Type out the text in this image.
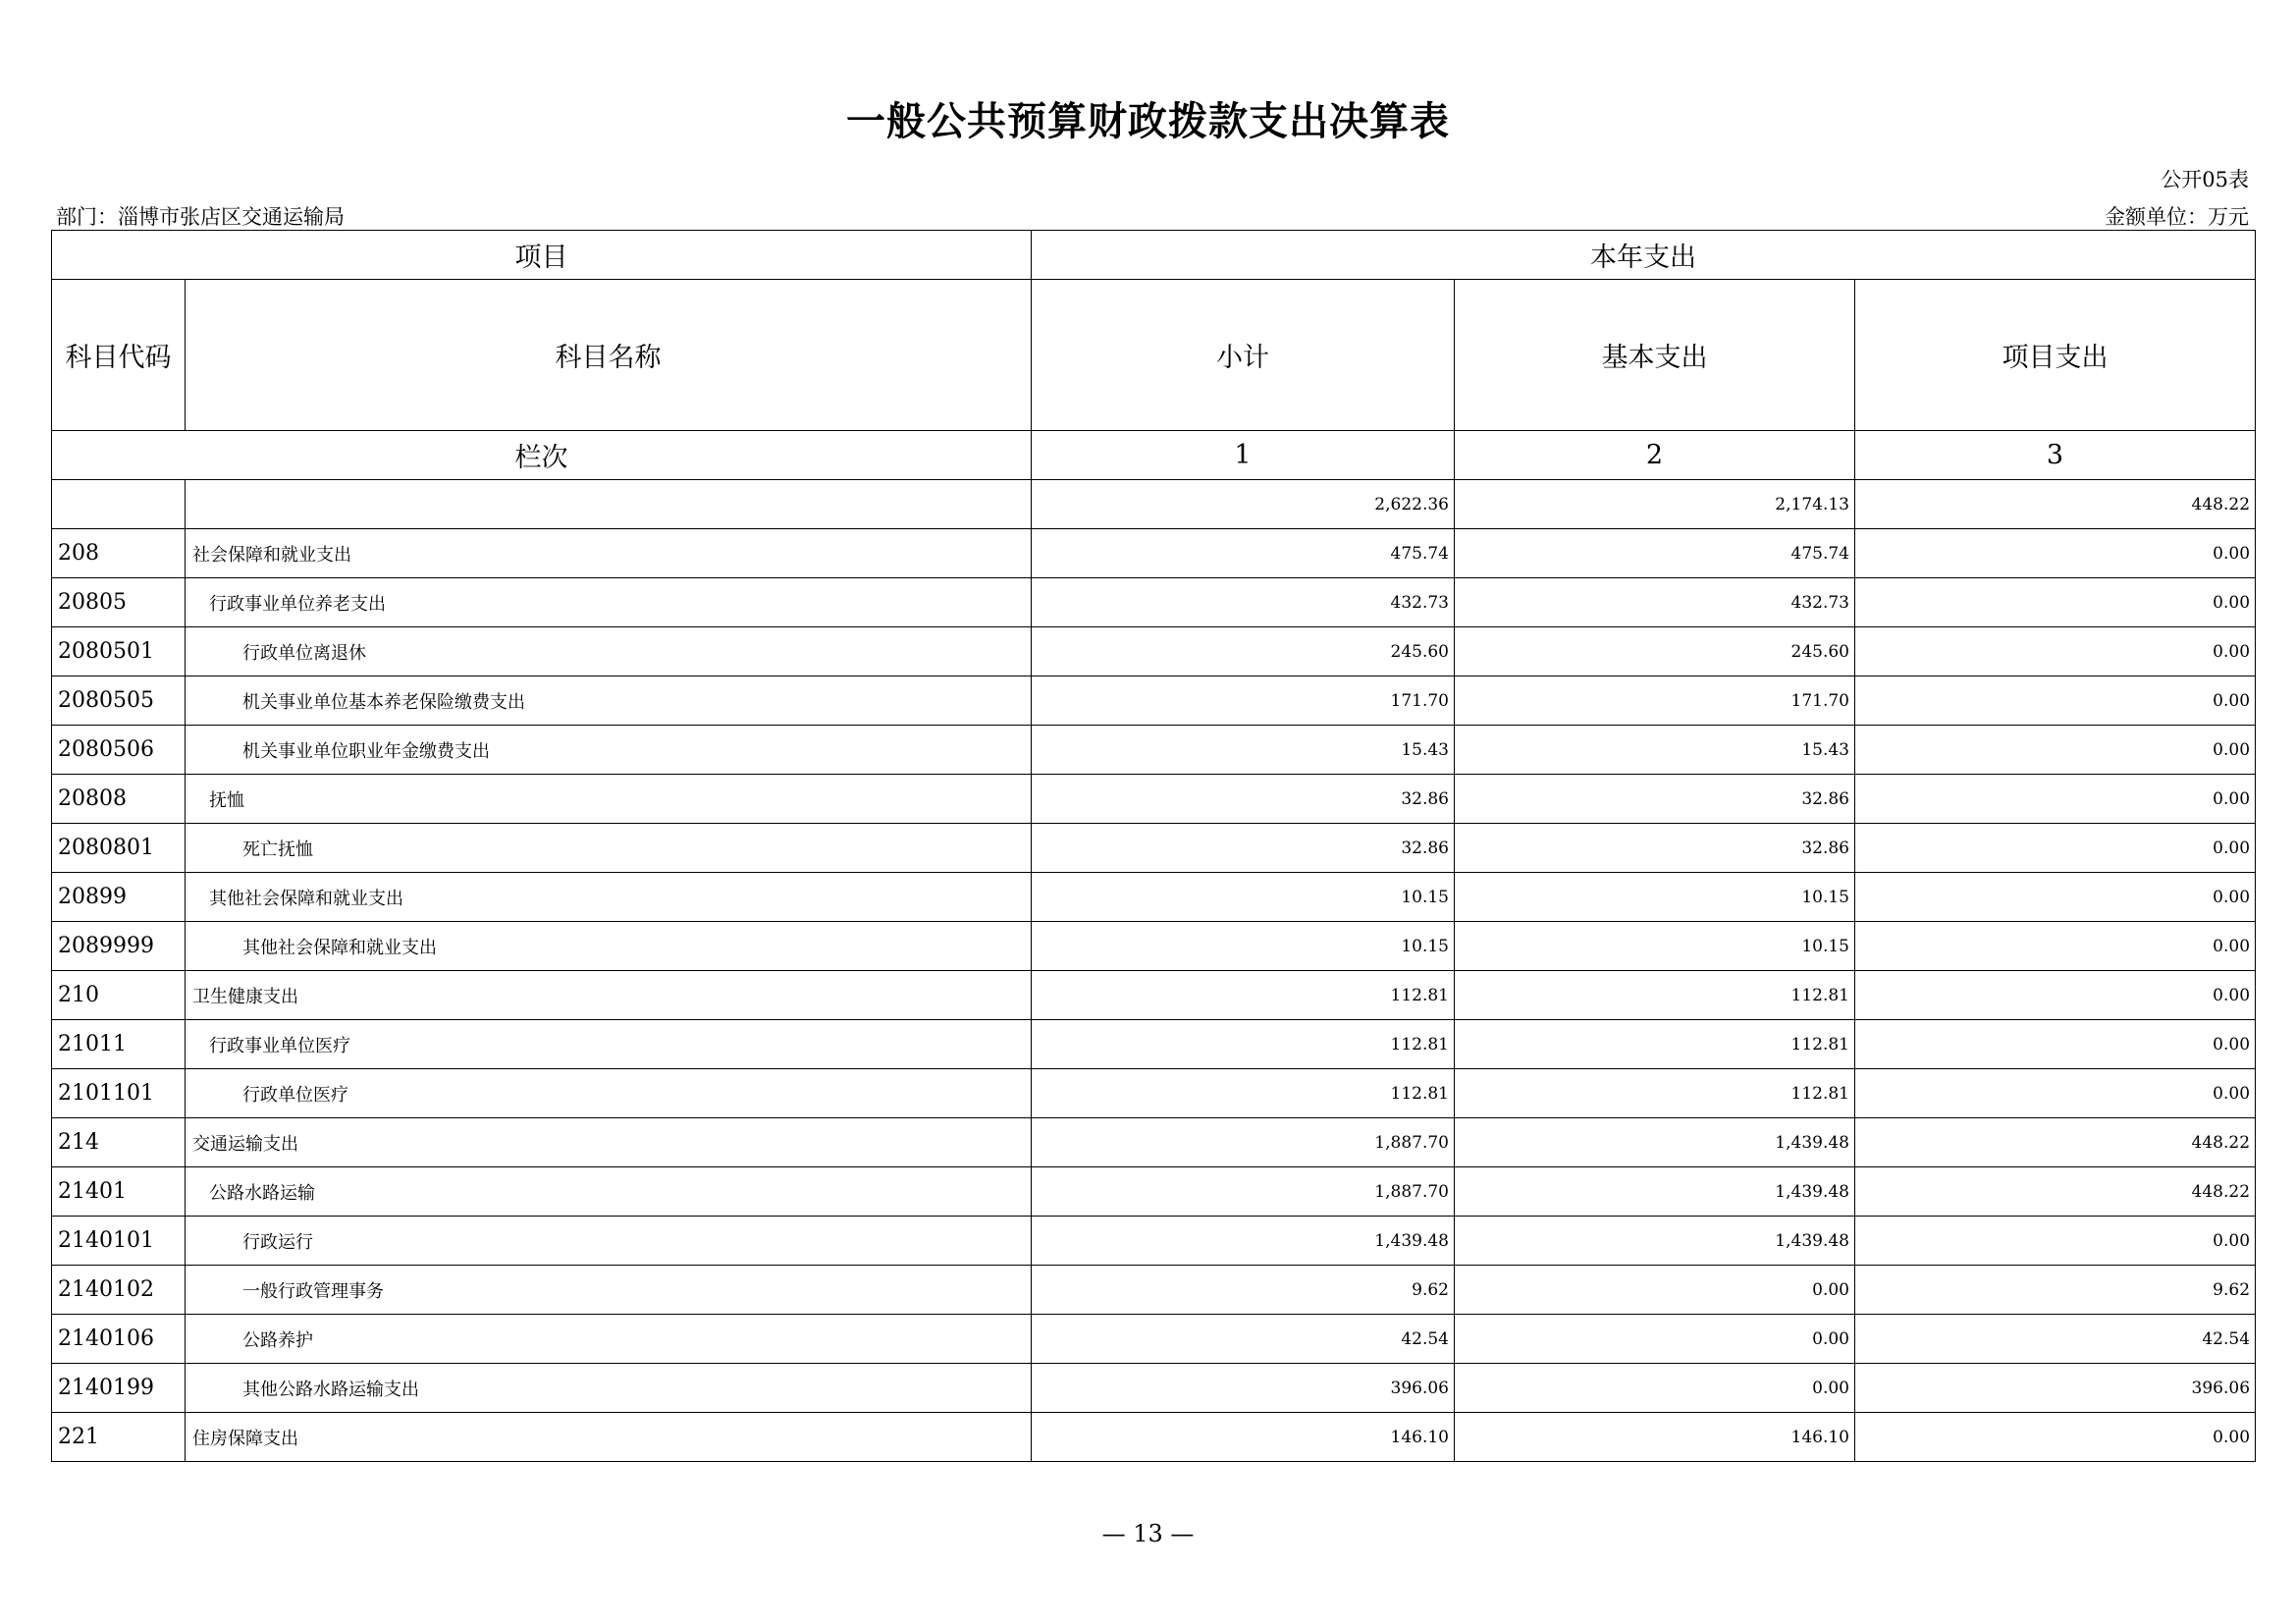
一般公共预算财政拨款支出决算表
公开05表
部门：淄博市张店区交通运输局	金额单位：万元
项目		本年支出		
科目代码	科目名称	小计	基本支出	项目支出
栏次		1	2	3
		2,622.36	2,174.13	448.22
208	社会保障和就业支出	475.74	475.74	0.00
20805	行政事业单位养老支出	432.73	432.73	0.00
2080501	行政单位离退休	245.60	245.60	0.00
2080505	机关事业单位基本养老保险缴费支出	171.70	171.70	0.00
2080506	机关事业单位职业年金缴费支出	15.43	15.43	0.00
20808	抚恤	32.86	32.86	0.00
2080801	死亡抚恤	32.86	32.86	0.00
20899	其他社会保障和就业支出	10.15	10.15	0.00
2089999	其他社会保障和就业支出	10.15	10.15	0.00
210	卫生健康支出	112.81	112.81	0.00
21011	行政事业单位医疗	112.81	112.81	0.00
2101101	行政单位医疗	112.81	112.81	0.00
214	交通运输支出	1,887.70	1,439.48	448.22
21401	公路水路运输	1,887.70	1,439.48	448.22
2140101	行政运行	1,439.48	1,439.48	0.00
2140102	一般行政管理事务	9.62	0.00	9.62
2140106	公路养护	42.54	0.00	42.54
2140199	其他公路水路运输支出	396.06	0.00	396.06
221	住房保障支出	146.10	146.10	0.00
— 13 —
